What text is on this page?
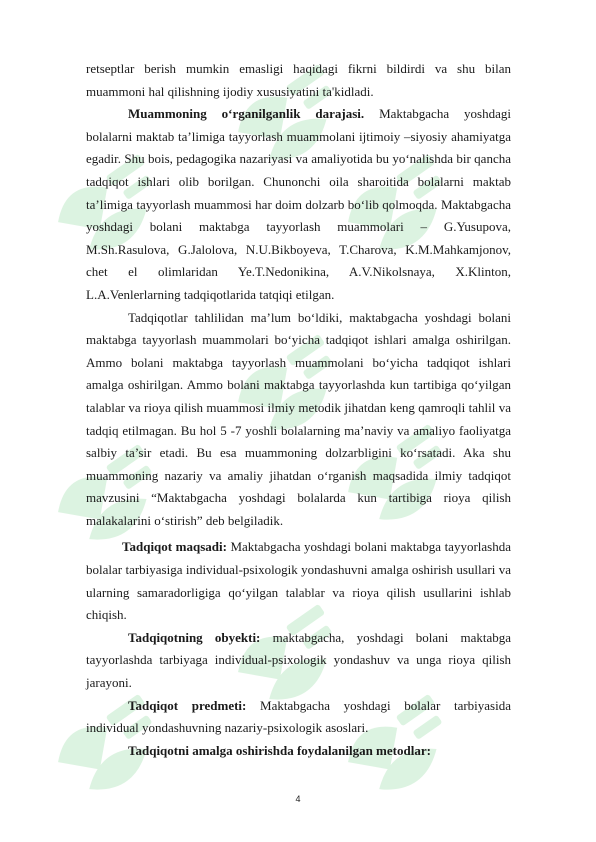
retseptlar berish mumkin emasligi haqidagi fikrni bildirdi va shu bilan muammoni hal qilishning ijodiy xususiyatini ta'kidladi.

Muammoning o‘rganilganlik darajasi. Maktabgacha yoshdagi bolalarni maktab ta’limiga tayyorlash muammolani ijtimoiy –siyosiy ahamiyatga egadir. Shu bois, pedagogika nazariyasi va amaliyotida bu yo‘nalishda bir qancha tadqiqot ishlari olib borilgan. Chunonchi oila sharoitida bolalarni maktab ta’limiga tayyorlash muammosi har doim dolzarb bo‘lib qolmoqda. Maktabgacha yoshdagi bolani maktabga tayyorlash muammolari – G.Yusupova, M.Sh.Rasulova, G.Jalolova, N.U.Bikboyeva, T.Charova, K.M.Mahkamjonov, chet el olimlaridan Ye.T.Nedonikina, A.V.Nikolsnaya, X.Klinton, L.A.Venlerlarning tadqiqotlarida tatqiqi etilgan.

Tadqiqotlar tahlilidan ma’lum bo‘ldiki, maktabgacha yoshdagi bolani maktabga tayyorlash muammolari bo‘yicha tadqiqot ishlari amalga oshirilgan. Ammo bolani maktabga tayyorlash muammolani bo‘yicha tadqiqot ishlari amalga oshirilgan. Ammo bolani maktabga tayyorlashda kun tartibiga qo‘yilgan talablar va rioya qilish muammosi ilmiy metodik jihatdan keng qamroqli tahlil va tadqiq etilmagan. Bu hol 5 -7 yoshli bolalarning ma’naviy va amaliyo faoliyatga salbiy ta’sir etadi. Bu esa muammoning dolzarbligini ko‘rsatadi. Aka shu muammoning nazariy va amaliy jihatdan o‘rganish maqsadida ilmiy tadqiqot mavzusini “Maktabgacha yoshdagi bolalarda kun tartibiga rioya qilish malakalarini o‘stirish” deb belgiladik.

Tadqiqot maqsadi: Maktabgacha yoshdagi bolani maktabga tayyorlashda bolalar tarbiyasiga individual-psixologik yondashuvni amalga oshirish usullari va ularning samaradorligiga qo‘yilgan talablar va rioya qilish usullarini ishlab chiqish.

Tadqiqotning obyekti: maktabgacha, yoshdagi bolani maktabga tayyorlashda tarbiyaga individual-psixologik yondashuv va unga rioya qilish jarayoni.

Tadqiqot predmeti: Maktabgacha yoshdagi bolalar tarbiyasida individual yondashuvning nazariy-psixologik asoslari.

Tadqiqotni amalga oshirishda foydalanilgan metodlar:

4
